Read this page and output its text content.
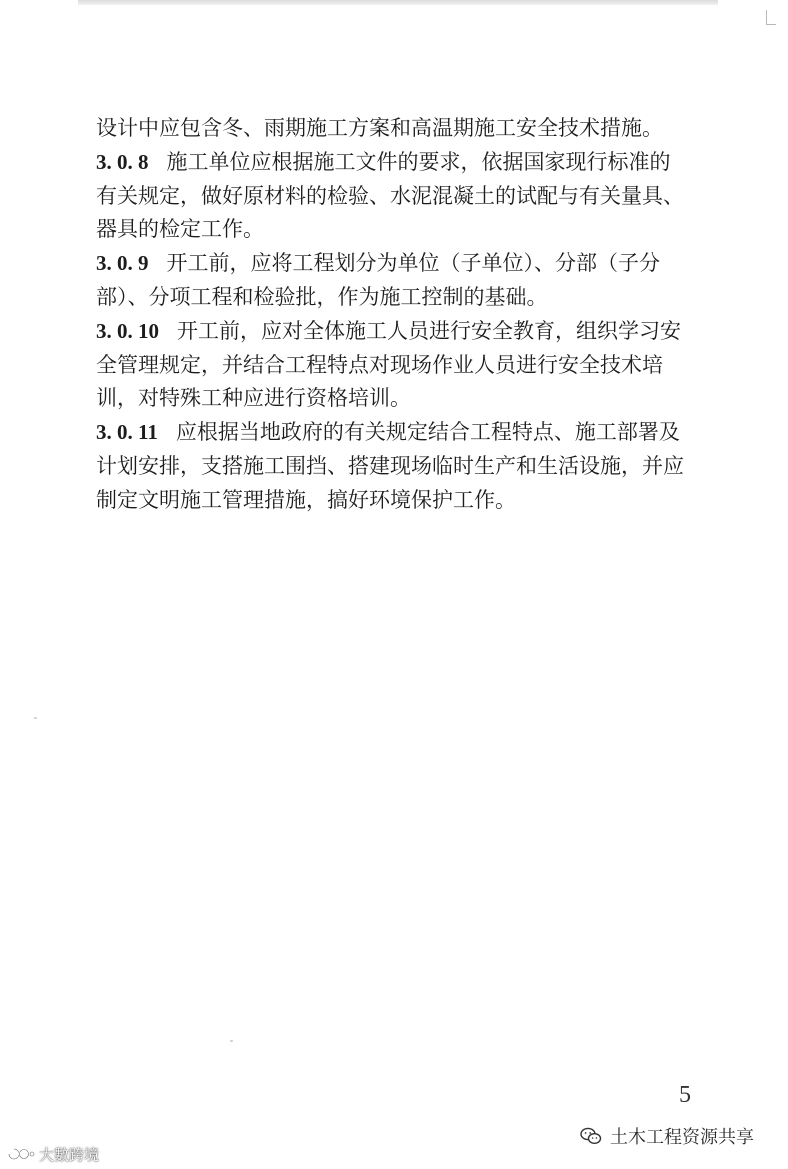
设计中应包含冬、雨期施工方案和高温期施工安全技术措施。
3. 0. 8 施工单位应根据施工文件的要求，依据国家现行标准的
有关规定，做好原材料的检验、水泥混凝土的试配与有关量具、
器具的检定工作。
3. 0. 9 开工前，应将工程划分为单位（子单位）、分部（子分
部）、分项工程和检验批，作为施工控制的基础。
3. 0. 10 开工前，应对全体施工人员进行安全教育，组织学习安
全管理规定，并结合工程特点对现场作业人员进行安全技术培
训，对特殊工种应进行资格培训。
3. 0. 11 应根据当地政府的有关规定结合工程特点、施工部署及
计划安排，支搭施工围挡、搭建现场临时生产和生活设施，并应
制定文明施工管理措施，搞好环境保护工作。
5
土木工程资源共享
大數跨境
